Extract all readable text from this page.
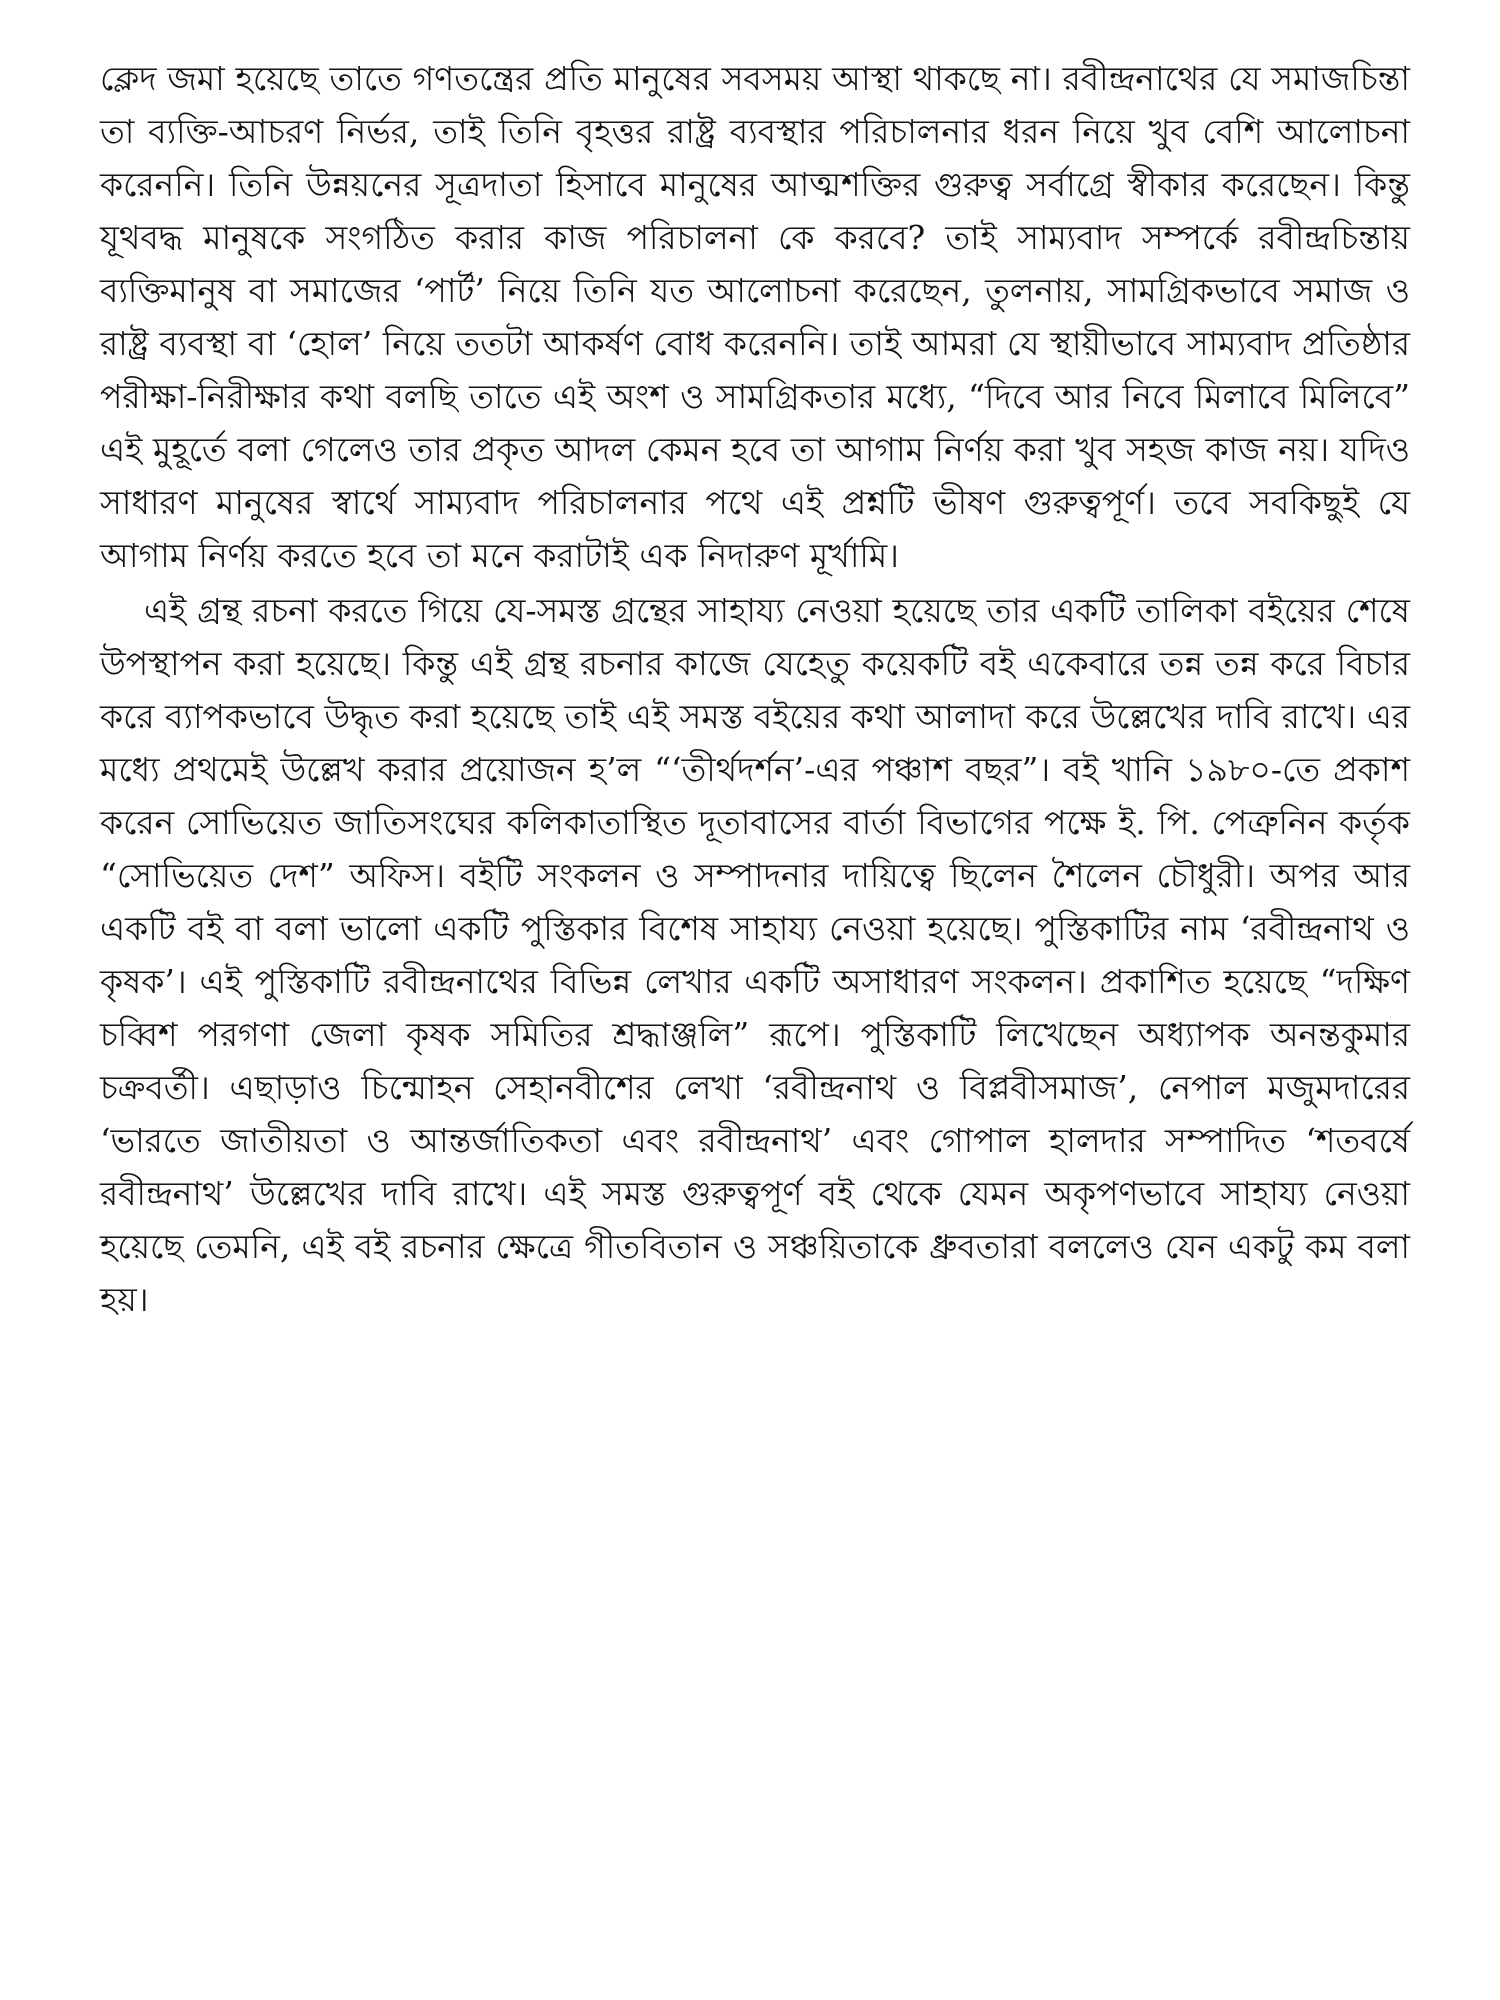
ক্লেদ জমা হয়েছে তাতে গণতন্ত্রের প্রতি মানুষের সবসময় আস্থা থাকছে না। রবীন্দ্রনাথের যে সমাজচিন্তা তা ব্যক্তি-আচরণ নির্ভর, তাই তিনি বৃহত্তর রাষ্ট্র ব্যবস্থার পরিচালনার ধরন নিয়ে খুব বেশি আলোচনা করেননি। তিনি উন্নয়নের সূত্রদাতা হিসাবে মানুষের আত্মশক্তির গুরুত্ব সর্বাগ্রে স্বীকার করেছেন। কিন্তু যূথবদ্ধ মানুষকে সংগঠিত করার কাজ পরিচালনা কে করবে? তাই সাম্যবাদ সম্পর্কে রবীন্দ্রচিন্তায় ব্যক্তিমানুষ বা সমাজের ‘পার্ট’ নিয়ে তিনি যত আলোচনা করেছেন, তুলনায়, সামগ্রিকভাবে সমাজ ও রাষ্ট্র ব্যবস্থা বা ‘হোল’ নিয়ে ততটা আকর্ষণ বোধ করেননি। তাই আমরা যে স্থায়ীভাবে সাম্যবাদ প্রতিষ্ঠার পরীক্ষা-নিরীক্ষার কথা বলছি তাতে এই অংশ ও সামগ্রিকতার মধ্যে, “দিবে আর নিবে মিলাবে মিলিবে” এই মুহূর্তে বলা গেলেও তার প্রকৃত আদল কেমন হবে তা আগাম নির্ণয় করা খুব সহজ কাজ নয়। যদিও সাধারণ মানুষের স্বার্থে সাম্যবাদ পরিচালনার পথে এই প্রশ্নটি ভীষণ গুরুত্বপূর্ণ। তবে সবকিছুই যে আগাম নির্ণয় করতে হবে তা মনে করাটাই এক নিদারুণ মূর্খামি।

এই গ্রন্থ রচনা করতে গিয়ে যে-সমস্ত গ্রন্থের সাহায্য নেওয়া হয়েছে তার একটি তালিকা বইয়ের শেষে উপস্থাপন করা হয়েছে। কিন্তু এই গ্রন্থ রচনার কাজে যেহেতু কয়েকটি বই একেবারে তন্ন তন্ন করে বিচার করে ব্যাপকভাবে উদ্ধৃত করা হয়েছে তাই এই সমস্ত বইয়ের কথা আলাদা করে উল্লেখের দাবি রাখে। এর মধ্যে প্রথমেই উল্লেখ করার প্রয়োজন হ’ল “‘তীর্থদর্শন’-এর পঞ্চাশ বছর”। বই খানি ১৯৮০-তে প্রকাশ করেন সোভিয়েত জাতিসংঘের কলিকাতাস্থিত দূতাবাসের বার্তা বিভাগের পক্ষে ই. পি. পেত্রুনিন কর্তৃক “সোভিয়েত দেশ” অফিস। বইটি সংকলন ও সম্পাদনার দায়িত্বে ছিলেন শৈলেন চৌধুরী। অপর আর একটি বই বা বলা ভালো একটি পুস্তিকার বিশেষ সাহায্য নেওয়া হয়েছে। পুস্তিকাটির নাম ‘রবীন্দ্রনাথ ও কৃষক’। এই পুস্তিকাটি রবীন্দ্রনাথের বিভিন্ন লেখার একটি অসাধারণ সংকলন। প্রকাশিত হয়েছে “দক্ষিণ চব্বিশ পরগণা জেলা কৃষক সমিতির শ্রদ্ধাঞ্জলি” রূপে। পুস্তিকাটি লিখেছেন অধ্যাপক অনন্তকুমার চক্রবর্তী। এছাড়াও চিন্মোহন সেহানবীশের লেখা ‘রবীন্দ্রনাথ ও বিপ্লবীসমাজ’, নেপাল মজুমদারের ‘ভারতে জাতীয়তা ও আন্তর্জাতিকতা এবং রবীন্দ্রনাথ’ এবং গোপাল হালদার সম্পাদিত ‘শতবর্ষে রবীন্দ্রনাথ’ উল্লেখের দাবি রাখে। এই সমস্ত গুরুত্বপূর্ণ বই থেকে যেমন অকৃপণভাবে সাহায্য নেওয়া হয়েছে তেমনি, এই বই রচনার ক্ষেত্রে গীতবিতান ও সঞ্চয়িতাকে ধ্রুবতারা বললেও যেন একটু কম বলা হয়।
